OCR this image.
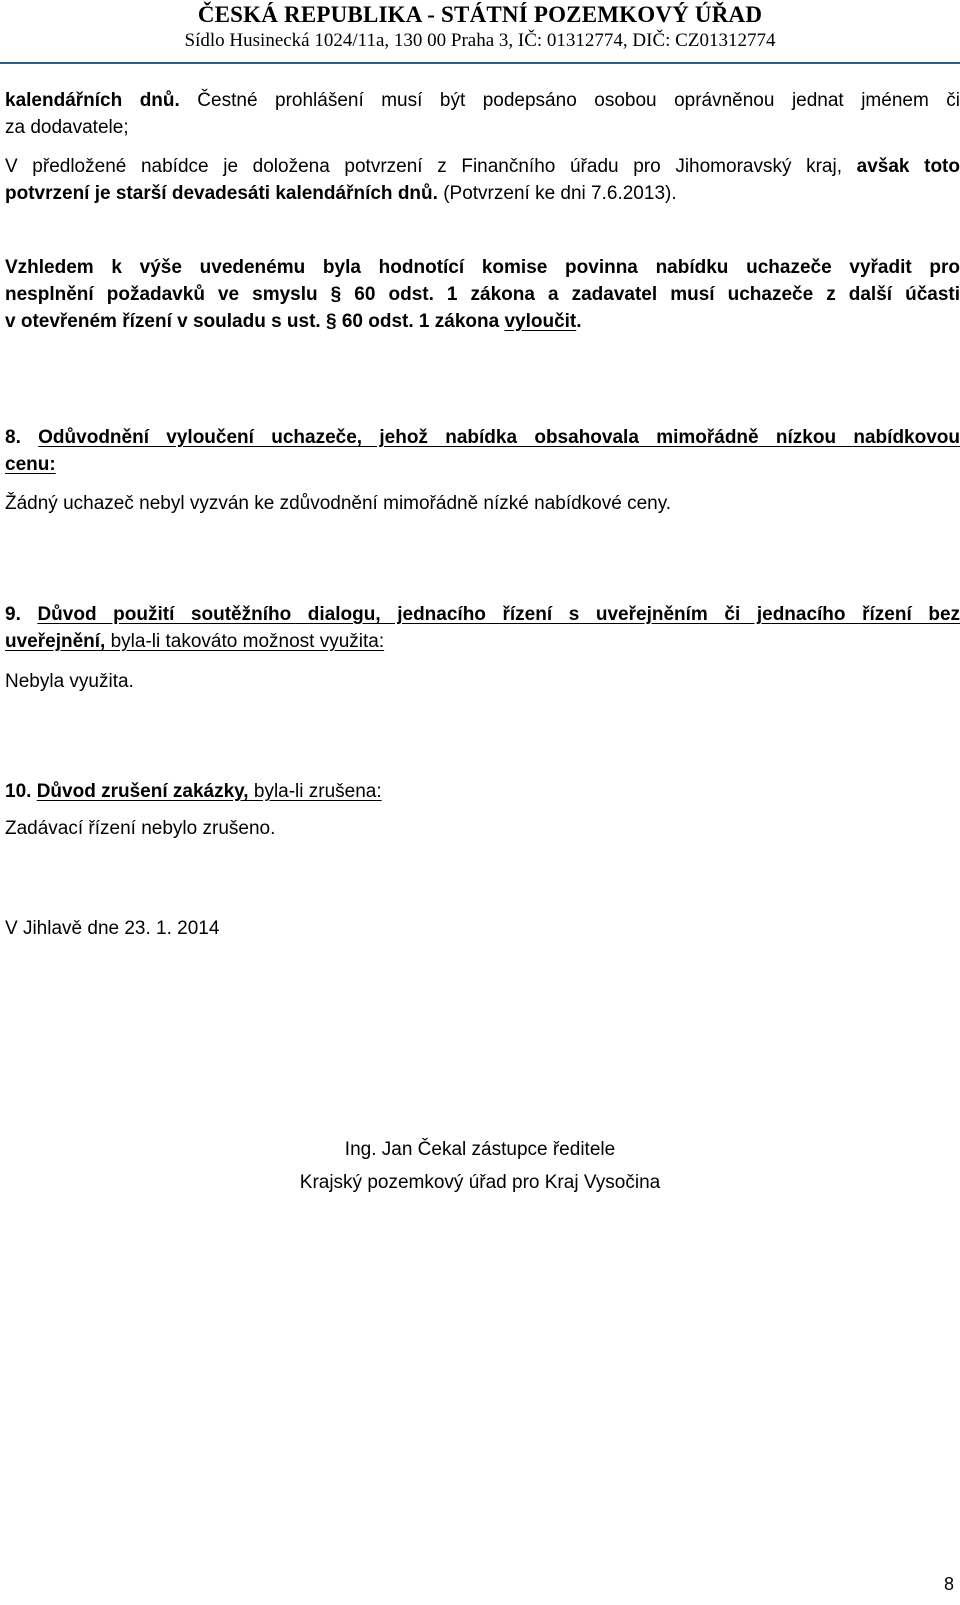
ČESKÁ REPUBLIKA - STÁTNÍ POZEMKOVÝ ÚŘAD
Sídlo Husinecká 1024/11a, 130 00 Praha 3, IČ: 01312774, DIČ: CZ01312774
kalendářních dnů. Čestné prohlášení musí být podepsáno osobou oprávněnou jednat jménem či
za dodavatele;
V předložené nabídce je doložena potvrzení z Finančního úřadu pro Jihomoravský kraj, avšak toto
potvrzení je starší devadesáti kalendářních dnů. (Potvrzení ke dni 7.6.2013).
Vzhledem k výše uvedenému byla hodnotící komise povinna nabídku uchazeče vyřadit pro
nesplnění požadavků ve smyslu § 60 odst. 1 zákona a zadavatel musí uchazeče z další účasti
v otevřeném řízení v souladu s ust. § 60 odst. 1 zákona vyloučit.
8. Odůvodnění vyloučení uchazeče, jehož nabídka obsahovala mimořádně nízkou nabídkovou
cenu:
Žádný uchazeč nebyl vyzván ke zdůvodnění mimořádně nízké nabídkové ceny.
9. Důvod použití soutěžního dialogu, jednacího řízení s uveřejněním či jednacího řízení bez
uveřejnění, byla-li takováto možnost využita:
Nebyla využita.
10. Důvod zrušení zakázky, byla-li zrušena:
Zadávací řízení nebylo zrušeno.
V Jihlavě dne 23. 1. 2014
Ing. Jan Čekal zástupce ředitele
Krajský pozemkový úřad pro Kraj Vysočina
8
